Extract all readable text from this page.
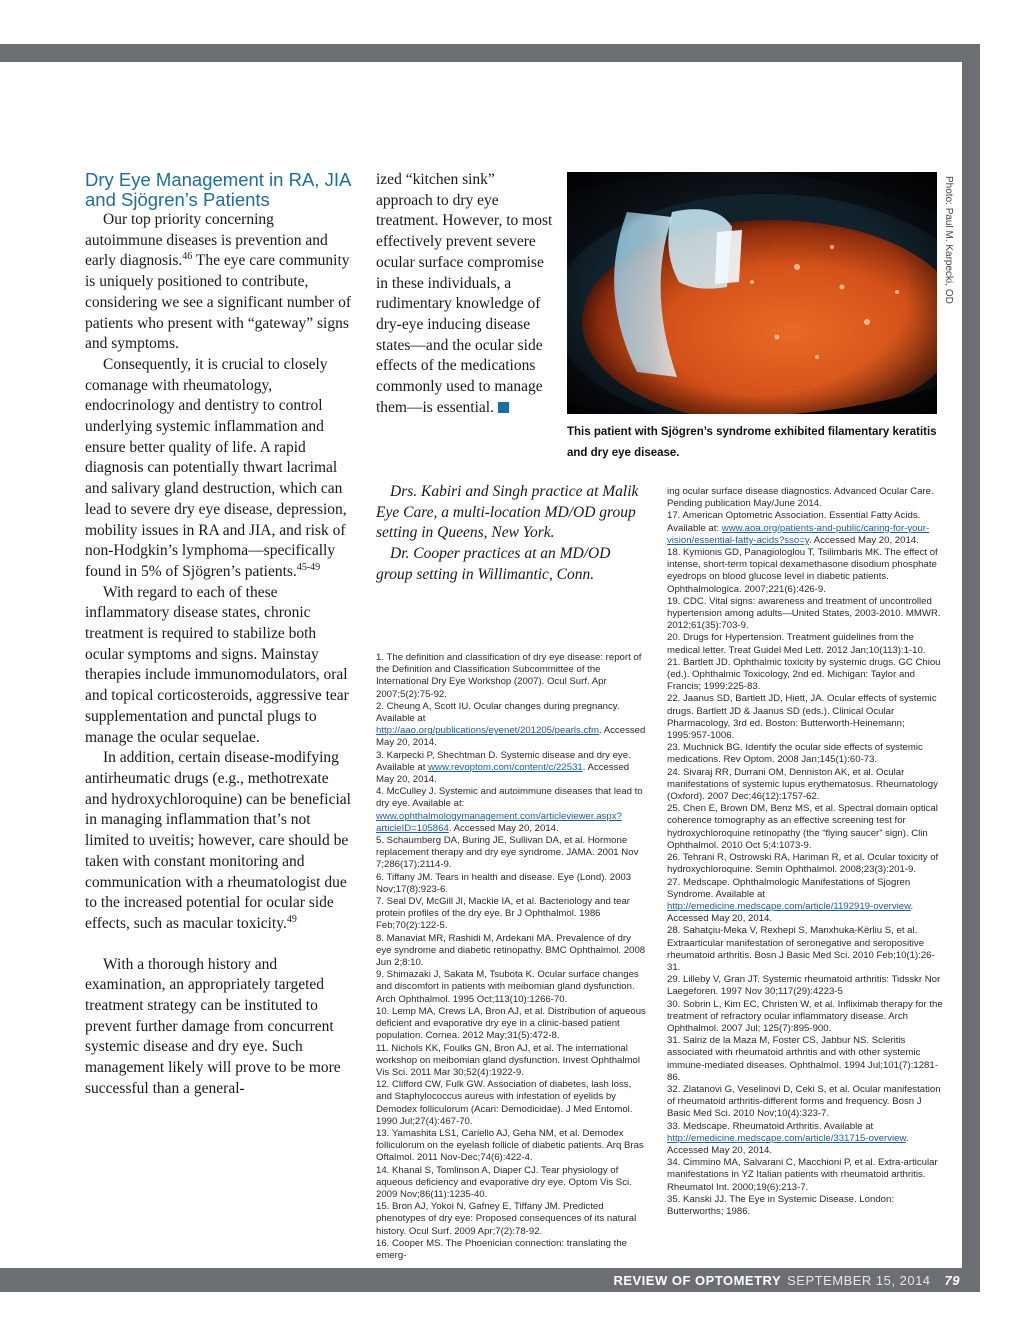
Dry Eye Management in RA, JIA and Sjögren’s Patients

Our top priority concerning autoimmune diseases is prevention and early diagnosis.$^{46}$ The eye care community is uniquely positioned to contribute, considering we see a significant number of patients who present with “gateway” signs and symptoms.

Consequently, it is crucial to closely comanage with rheumatology, endocrinology and dentistry to control underlying systemic inflammation and ensure better quality of life. A rapid diagnosis can potentially thwart lacrimal and salivary gland destruction, which can lead to severe dry eye disease, depression, mobility issues in RA and JIA, and risk of non-Hodgkin’s lymphoma—specifically found in 5% of Sjögren’s patients.$^{45-49}$

With regard to each of these inflammatory disease states, chronic treatment is required to stabilize both ocular symptoms and signs. Mainstay therapies include immunomodulators, oral and topical corticosteroids, aggressive tear supplementation and punctal plugs to manage the ocular sequelae.

In addition, certain disease-modifying antirheumatic drugs (e.g., methotrexate and hydroxychloroquine) can be beneficial in managing inflammation that’s not limited to uveitis; however, care should be taken with constant monitoring and communication with a rheumatologist due to the increased potential for ocular side effects, such as macular toxicity.$^{49}$

With a thorough history and examination, an appropriately targeted treatment strategy can be instituted to prevent further damage from concurrent systemic disease and dry eye. Such management likely will prove to be more successful than a general-

ized “kitchen sink” approach to dry eye treatment. However, to most effectively prevent severe ocular surface compromise in these individuals, a rudimentary knowledge of dry-eye inducing disease states—and the ocular side effects of the medications commonly used to manage them—is essential.

Drs. Kabiri and Singh practice at Malik Eye Care, a multi-location MD/OD group setting in Queens, New York.

Dr. Cooper practices at an MD/OD group setting in Willimantic, Conn.

Photo: Paul M. Karpecki, OD
This patient with Sjögren’s syndrome exhibited filamentary keratitis and dry eye disease.
1. The definition and classification of dry eye disease: report of the Definition and Classification Subcommittee of the International Dry Eye Workshop (2007). Ocul Surf. Apr 2007;5(2):75-92.
2. Cheung A, Scott IU. Ocular changes during pregnancy. Available at http://aao.org/publications/eyenet/201205/pearls.cfm. Accessed May 20, 2014.
3. Karpecki P, Shechtman D. Systemic disease and dry eye. Available at www.revoptom.com/content/c/22531. Accessed May 20, 2014.
4. McCulley J. Systemic and autoimmune diseases that lead to dry eye. Available at: www.ophthalmologymanagement.com/articleviewer.aspx?articleID=105864. Accessed May 20, 2014.
5. Schaumberg DA, Buring JE, Sullivan DA, et al. Hormone replacement therapy and dry eye syndrome. JAMA. 2001 Nov 7;286(17):2114-9.
6. Tiffany JM. Tears in health and disease. Eye (Lond). 2003 Nov;17(8):923-6.
7. Seal DV, McGill JI, Mackie IA, et al. Bacteriology and tear protein profiles of the dry eye. Br J Ophthalmol. 1986 Feb;70(2):122-5.
8. Manaviat MR, Rashidi M, Ardekani MA. Prevalence of dry eye syndrome and diabetic retinopathy. BMC Ophthalmol. 2008 Jun 2;8:10.
9. Shimazaki J, Sakata M, Tsubota K. Ocular surface changes and discomfort in patients with meibomian gland dysfunction. Arch Ophthalmol. 1995 Oct;113(10):1266-70.
10. Lemp MA, Crews LA, Bron AJ, et al. Distribution of aqueous deficient and evaporative dry eye in a clinic-based patient population. Cornea. 2012 May;31(5):472-8.
11. Nichols KK, Foulks GN, Bron AJ, et al. The international workshop on meibomian gland dysfunction. Invest Ophthalmol Vis Sci. 2011 Mar 30;52(4):1922-9.
12. Clifford CW, Fulk GW. Association of diabetes, lash loss, and Staphylococcus aureus with infestation of eyelids by Demodex folliculorum (Acari: Demodicidae). J Med Entomol. 1990 Jul;27(4):467-70.
13. Yamashita LS1, Cariello AJ, Geha NM, et al. Demodex folliculorum on the eyelash follicle of diabetic patients. Arq Bras Oftalmol. 2011 Nov-Dec;74(6):422-4.
14. Khanal S, Tomlinson A, Diaper CJ. Tear physiology of aqueous deficiency and evaporative dry eye. Optom Vis Sci. 2009 Nov;86(11):1235-40.
15. Bron AJ, Yokoi N, Gafney E, Tiffany JM. Predicted phenotypes of dry eye: Proposed consequences of its natural history. Ocul Surf. 2009 Apr;7(2):78-92.
16. Cooper MS. The Phoenician connection: translating the emerg-
ing ocular surface disease diagnostics. Advanced Ocular Care. Pending publication May/June 2014.
17. American Optometric Association. Essential Fatty Acids. Available at: www.aoa.org/patients-and-public/caring-for-your-vision/essential-fatty-acids?sso=y. Accessed May 20, 2014.
18. Kymionis GD, Panagiologlou T, Tsilimbaris MK. The effect of intense, short-term topical dexamethasone disodium phosphate eyedrops on blood glucose level in diabetic patients. Ophthalmologica. 2007;221(6):426-9.
19. CDC. Vital signs: awareness and treatment of uncontrolled hypertension among adults—United States, 2003-2010. MMWR. 2012;61(35):703-9.
20. Drugs for Hypertension. Treatment guidelines from the medical letter. Treat Guidel Med Lett. 2012 Jan;10(113):1-10.
21. Bartlett JD. Ophthalmic toxicity by systemic drugs. GC Chiou (ed.). Ophthalmic Toxicology, 2nd ed. Michigan: Taylor and Francis; 1999:225-83.
22. Jaanus SD, Bartlett JD, Hiett, JA. Ocular effects of systemic drugs. Bartlett JD & Jaanus SD (eds.). Clinical Ocular Pharmacology, 3rd ed. Boston: Butterworth-Heinemann; 1995:957-1006.
23. Muchnick BG. Identify the ocular side effects of systemic medications. Rev Optom. 2008 Jan;145(1):60-73.
24. Sivaraj RR, Durrani OM, Denniston AK, et al. Ocular manifestations of systemic lupus erythematosus. Rheumatology (Oxford). 2007 Dec;46(12):1757-62.
25. Chen E, Brown DM, Benz MS, et al. Spectral domain optical coherence tomography as an effective screening test for hydroxychloroquine retinopathy (the “flying saucer” sign). Clin Ophthalmol. 2010 Oct 5;4:1073-9.
26. Tehrani R, Ostrowski RA, Hariman R, et al. Ocular toxicity of hydroxychloroquine. Semin Ophthalmol. 2008;23(3):201-9.
27. Medscape. Ophthalmologic Manifestations of Sjogren Syndrome. Available at http://emedicine.medscape.com/article/1192919-overview. Accessed May 20, 2014.
28. Sahatçiu-Meka V, Rexhepi S, Manxhuka-Kërliu S, et al. Extraarticular manifestation of seronegative and seropositive rheumatoid arthritis. Bosn J Basic Med Sci. 2010 Feb;10(1):26-31.
29. Lilleby V, Gran JT. Systemic rheumatoid arthritis: Tidsskr Nor Laegeforen. 1997 Nov 30;117(29):4223-5
30. Sobrin L, Kim EC, Christen W, et al. Infliximab therapy for the treatment of refractory ocular inflammatory disease. Arch Ophthalmol. 2007 Jul; 125(7):895-900.
31. Sainz de la Maza M, Foster CS, Jabbur NS. Scleritis associated with rheumatoid arthritis and with other systemic immune-mediated diseases. Ophthalmol. 1994 Jul;101(7):1281-86.
32. Zlatanovi G, Veselinovi D, Ceki S, et al. Ocular manifestation of rheumatoid arthritis-different forms and frequency. Bosn J Basic Med Sci. 2010 Nov;10(4):323-7.
33. Medscape. Rheumatoid Arthritis. Available at http://emedicine.medscape.com/article/331715-overview. Accessed May 20, 2014.
34. Cimmino MA, Salvarani C, Macchioni P, et al. Extra-articular manifestations in YZ Italian patients with rheumatoid arthritis. Rheumatol Int. 2000;19(6):213-7.
35. Kanski JJ. The Eye in Systemic Disease. London: Butterworths; 1986.
REVIEW OF OPTOMETRY SEPTEMBER 15, 2014 79
